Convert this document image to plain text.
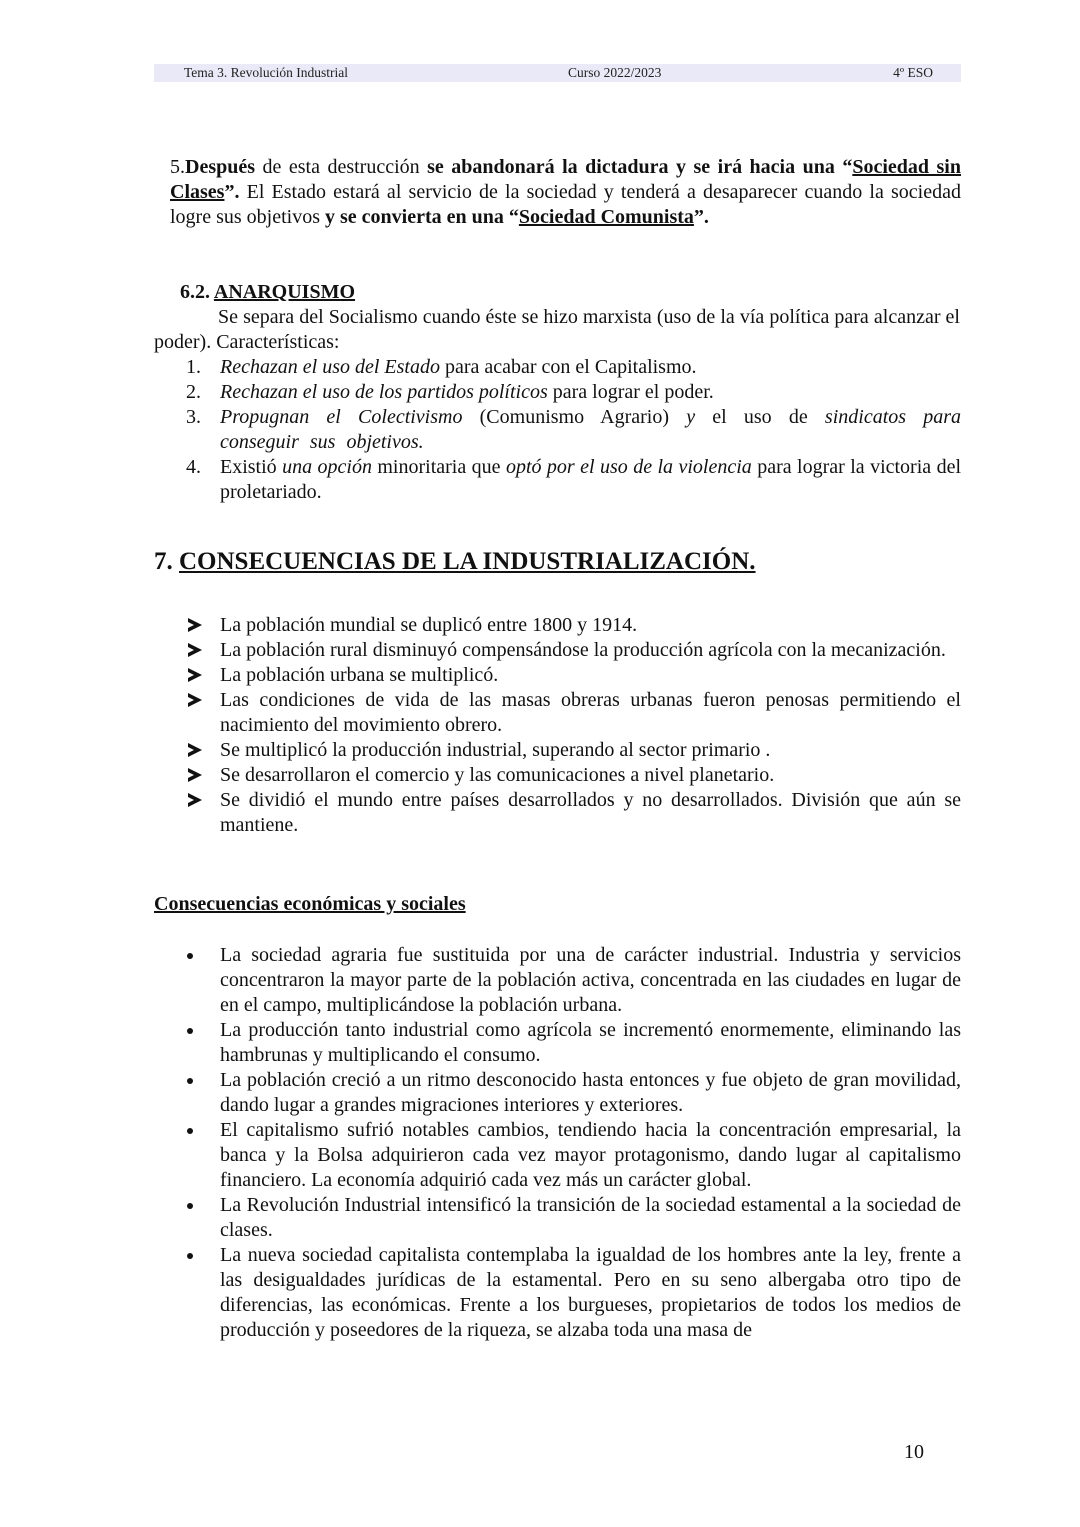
Tema 3. Revolución Industrial	Curso 2022/2023	4º ESO
5.Después de esta destrucción se abandonará la dictadura y se irá hacia una “Sociedad sin Clases”. El Estado estará al servicio de la sociedad y tenderá a desaparecer cuando la sociedad logre sus objetivos y se convierta en una “Sociedad Comunista”.
6.2. ANARQUISMO
Se separa del Socialismo cuando éste se hizo marxista (uso de la vía política para alcanzar el poder). Características:
1. Rechazan el uso del Estado para acabar con el Capitalismo.
2. Rechazan el uso de los partidos políticos para lograr el poder.
3. Propugnan el Colectivismo (Comunismo Agrario) y el uso de sindicatos para conseguir sus objetivos.
4. Existió una opción minoritaria que optó por el uso de la violencia para lograr la victoria del proletariado.
7. CONSECUENCIAS DE LA INDUSTRIALIZACIÓN.
La población mundial se duplicó entre 1800 y 1914.
La población rural disminuyó compensándose la producción agrícola con la mecanización.
La población urbana se multiplicó.
Las condiciones de vida de las masas obreras urbanas fueron penosas permitiendo el nacimiento del movimiento obrero.
Se multiplicó la producción industrial, superando al sector primario .
Se desarrollaron el comercio y las comunicaciones a nivel planetario.
Se dividió el mundo entre países desarrollados y no desarrollados. División que aún se mantiene.
Consecuencias económicas y sociales
La sociedad agraria fue sustituida por una de carácter industrial. Industria y servicios concentraron la mayor parte de la población activa, concentrada en las ciudades en lugar de en el campo, multiplicándose la población urbana.
La producción tanto industrial como agrícola se incrementó enormemente, eliminando las hambrunas y multiplicando el consumo.
La población creció a un ritmo desconocido hasta entonces y fue objeto de gran movilidad, dando lugar a grandes migraciones interiores y exteriores.
El capitalismo sufrió notables cambios, tendiendo hacia la concentración empresarial, la banca y la Bolsa adquirieron cada vez mayor protagonismo, dando lugar al capitalismo financiero. La economía adquirió cada vez más un carácter global.
La Revolución Industrial intensificó la transición de la sociedad estamental a la sociedad de clases.
La nueva sociedad capitalista contemplaba la igualdad de los hombres ante la ley, frente a las desigualdades jurídicas de la estamental. Pero en su seno albergaba otro tipo de diferencias, las económicas. Frente a los burgueses, propietarios de todos los medios de producción y poseedores de la riqueza, se alzaba toda una masa de
10
